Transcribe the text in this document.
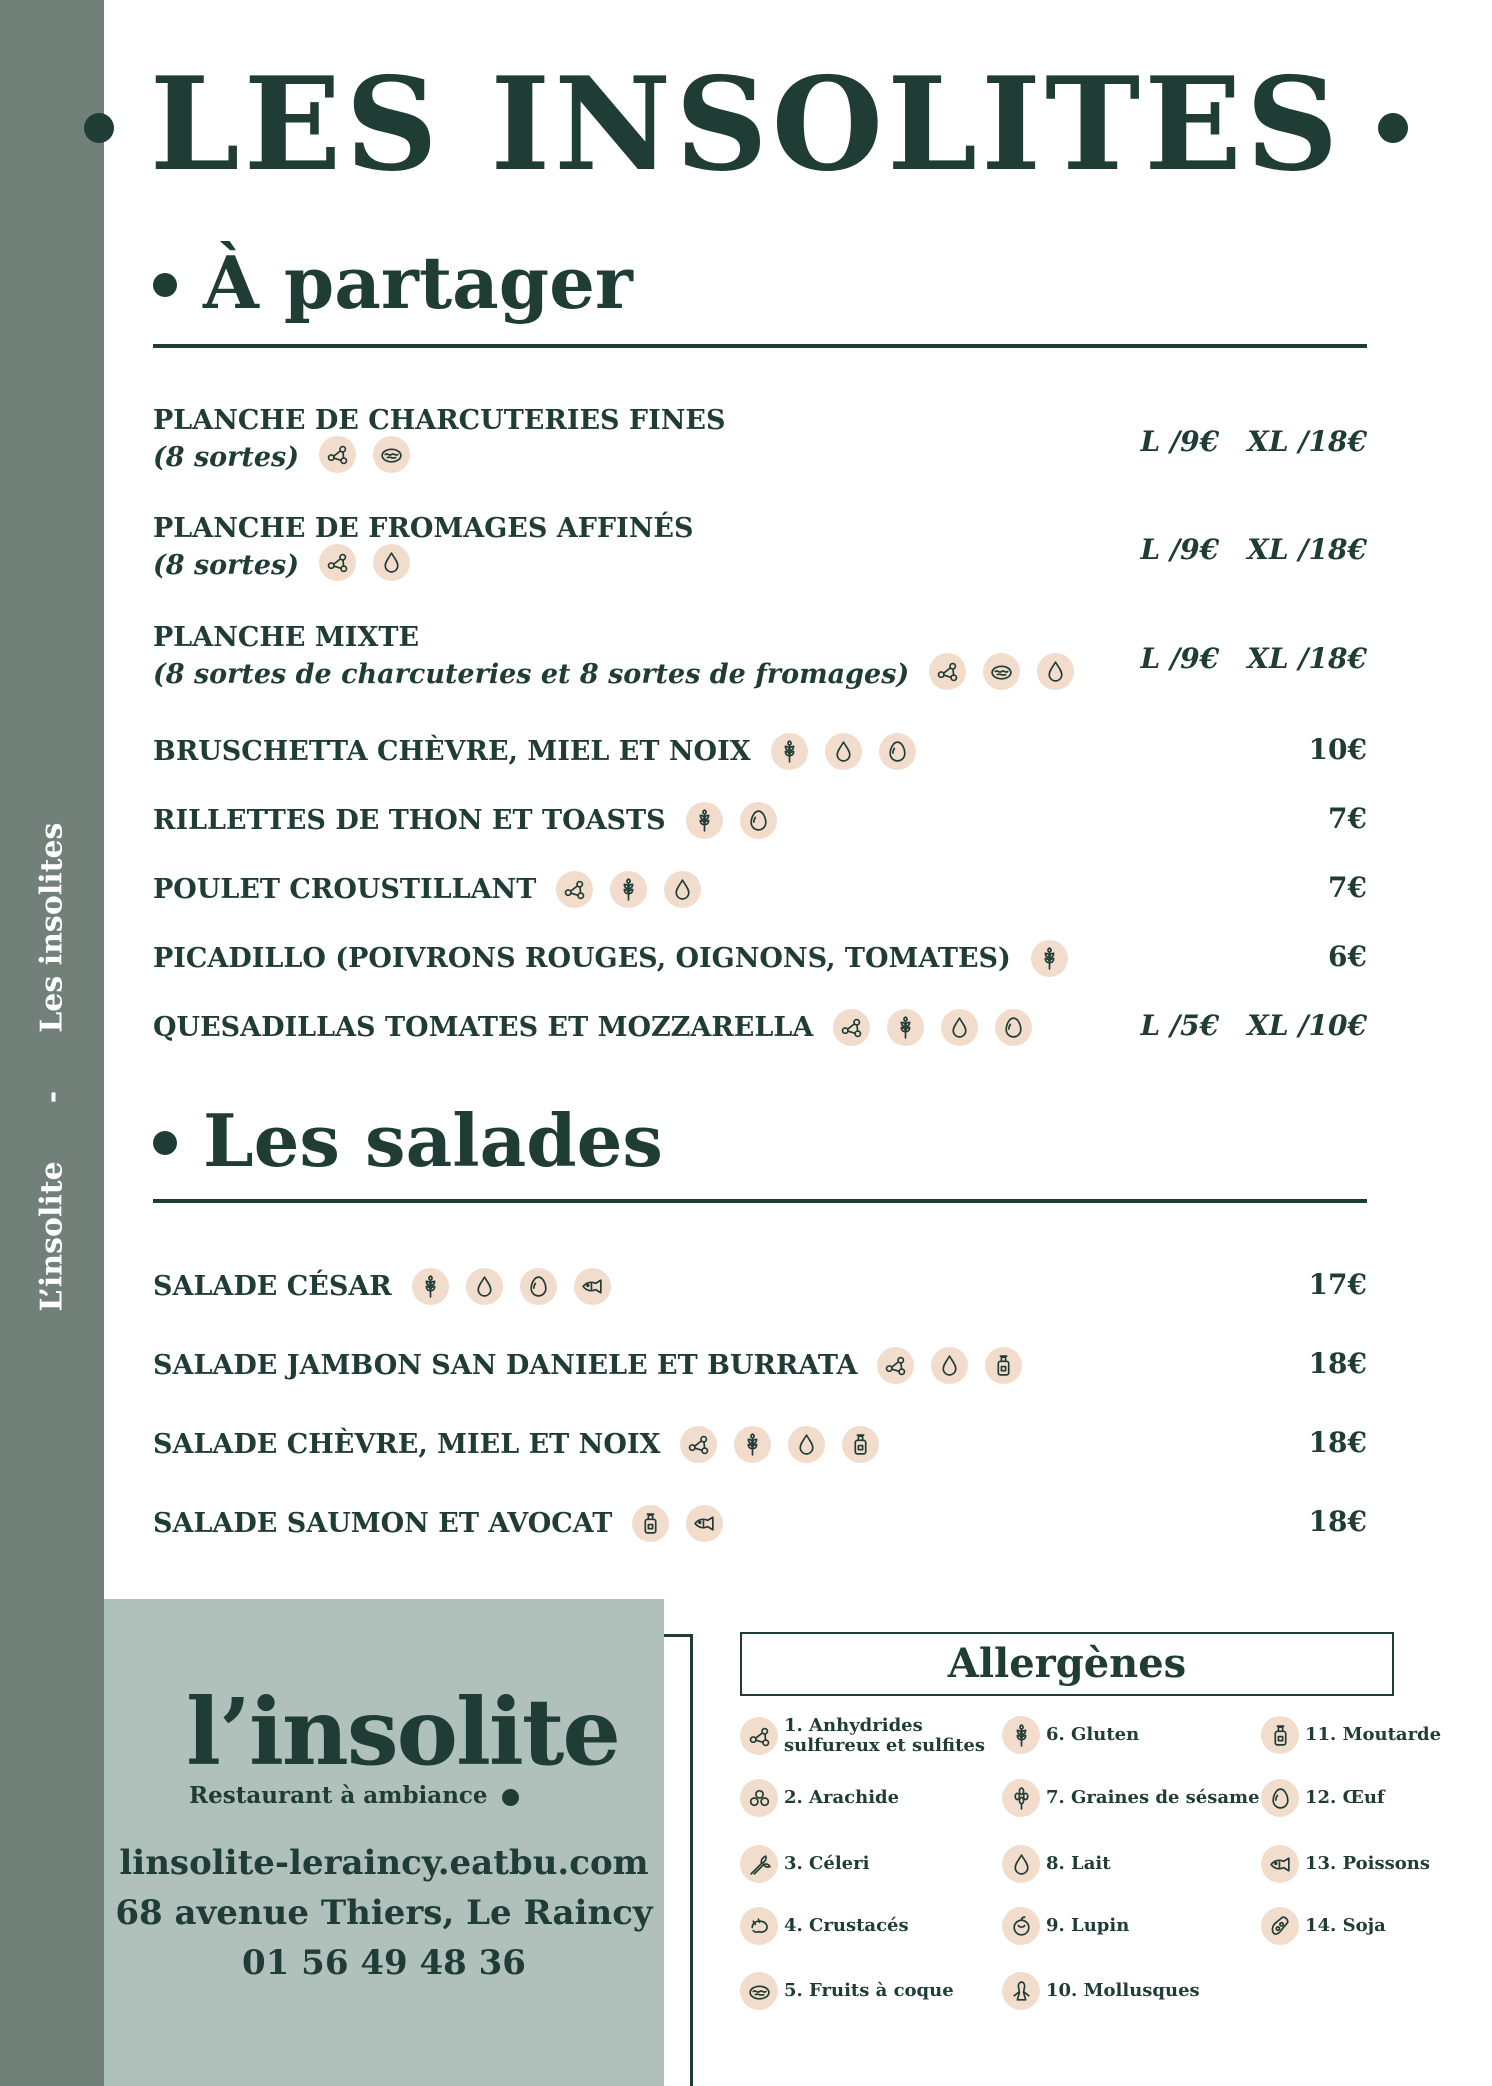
L’insolite-Les insolites
LES INSOLITES
À partager
PLANCHE DE CHARCUTERIES FINES
(8 sortes)	L /9€ XL /18€
PLANCHE DE FROMAGES AFFINÉS
(8 sortes)	L /9€ XL /18€
PLANCHE MIXTE
(8 sortes de charcuteries et 8 sortes de fromages)	L /9€ XL /18€
BRUSCHETTA CHÈVRE, MIEL ET NOIX	10€
RILLETTES DE THON ET TOASTS	7€
POULET CROUSTILLANT	7€
PICADILLO (POIVRONS ROUGES, OIGNONS, TOMATES)	6€
QUESADILLAS TOMATES ET MOZZARELLA	L /5€ XL /10€
Les salades
SALADE CÉSAR	17€
SALADE JAMBON SAN DANIELE ET BURRATA	18€
SALADE CHÈVRE, MIEL ET NOIX	18€
SALADE SAUMON ET AVOCAT	18€
l’insolite
Restaurant à ambiance
linsolite-leraincy.eatbu.com
68 avenue Thiers, Le Raincy
01 56 49 48 36
Allergènes
1. Anhydrides
sulfureux et sulfites
2. Arachide
3. Céleri
4. Crustacés
5. Fruits à coque
6. Gluten
7. Graines de sésame
8. Lait
9. Lupin
10. Mollusques
11. Moutarde
12. Œuf
13. Poissons
14. Soja
